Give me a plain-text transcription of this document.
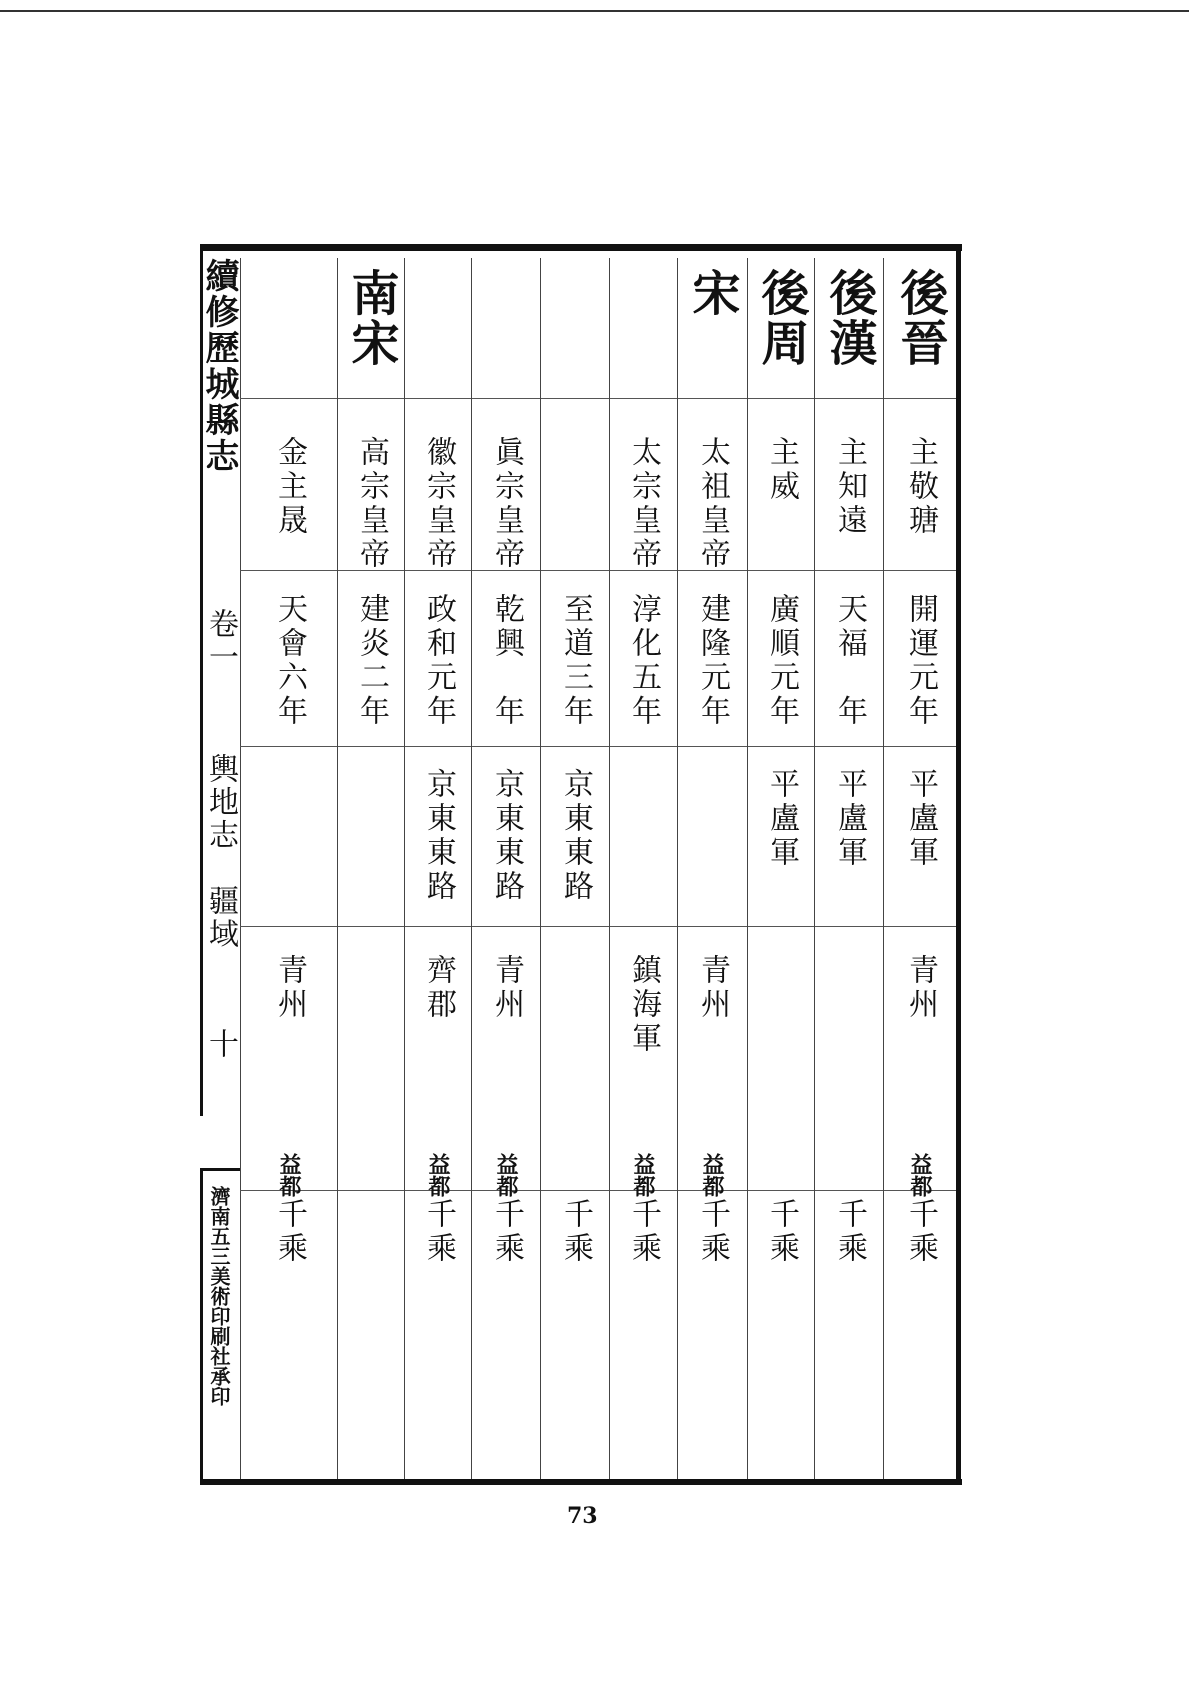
續修歷城縣志
卷一
輿地志　疆域
十
濟南五三美術印刷社承印
後晉
主敬瑭
開運元年
平盧軍
青州
益都
千乘
後漢
主知遠
天福　年
平盧軍
千乘
後周
主威
廣順元年
平盧軍
千乘
宋
太祖皇帝
建隆元年
青州
益都
千乘
太宗皇帝
淳化五年
鎮海軍
益都
千乘
至道三年
京東東路
千乘
眞宗皇帝
乾興　年
京東東路
青州
益都
千乘
徽宗皇帝
政和元年
京東東路
齊郡
益都
千乘
南宋
高宗皇帝
建炎二年
金主晟
天會六年
青州
益都
千乘
73
